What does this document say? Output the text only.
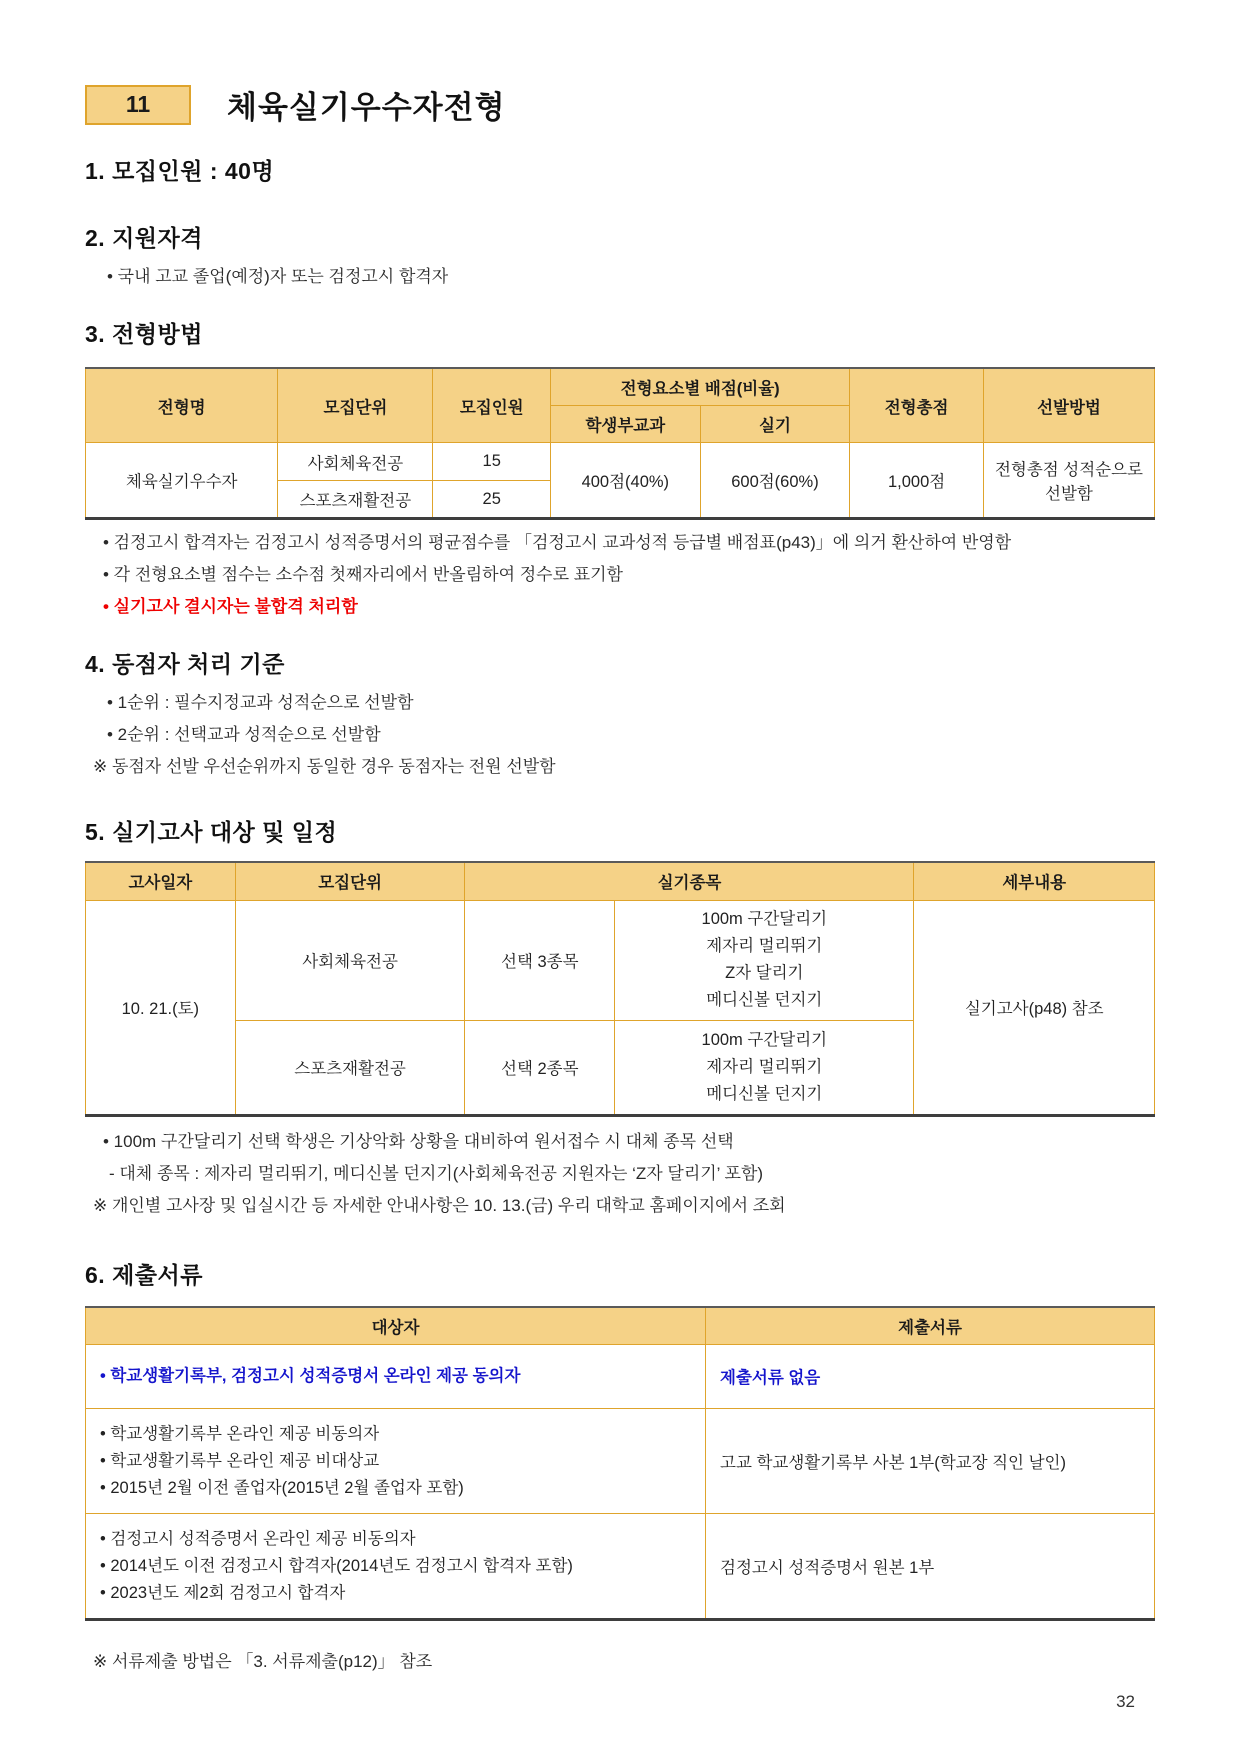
11	체육실기우수자전형
1. 모집인원 : 40명
2. 지원자격
• 국내 고교 졸업(예정)자 또는 검정고시 합격자
3. 전형방법
전형명	모집단위	모집인원	전형요소별 배점(비율)		전형총점	선발방법
			학생부교과	실기		
체육실기우수자	사회체육전공	15	400점(40%)	600점(60%)	1,000점	전형총점 성적순으로 선발함
	스포츠재활전공	25				
• 검정고시 합격자는 검정고시 성적증명서의 평균점수를 「검정고시 교과성적 등급별 배점표(p43)」에 의거 환산하여 반영함
• 각 전형요소별 점수는 소수점 첫째자리에서 반올림하여 정수로 표기함
• 실기고사 결시자는 불합격 처리함
4. 동점자 처리 기준
• 1순위 : 필수지정교과 성적순으로 선발함
• 2순위 : 선택교과 성적순으로 선발함
※ 동점자 선발 우선순위까지 동일한 경우 동점자는 전원 선발함
5. 실기고사 대상 및 일정
고사일자	모집단위	실기종목		세부내용
10. 21.(토)	사회체육전공	선택 3종목	100m 구간달리기
제자리 멀리뛰기
Z자 달리기
메디신볼 던지기	실기고사(p48) 참조
	스포츠재활전공	선택 2종목	100m 구간달리기
제자리 멀리뛰기
메디신볼 던지기	
• 100m 구간달리기 선택 학생은 기상악화 상황을 대비하여 원서접수 시 대체 종목 선택
- 대체 종목 : 제자리 멀리뛰기, 메디신볼 던지기(사회체육전공 지원자는 ‘Z자 달리기’ 포함)
※ 개인별 고사장 및 입실시간 등 자세한 안내사항은 10. 13.(금) 우리 대학교 홈페이지에서 조회
6. 제출서류
대상자	제출서류

• 학교생활기록부, 검정고시 성적증명서 온라인 제공 동의자	제출서류 없음

• 학교생활기록부 온라인 제공 비동의자
• 학교생활기록부 온라인 제공 비대상교
• 2015년 2월 이전 졸업자(2015년 2월 졸업자 포함)	고교 학교생활기록부 사본 1부(학교장 직인 날인)

• 검정고시 성적증명서 온라인 제공 비동의자
• 2014년도 이전 검정고시 합격자(2014년도 검정고시 합격자 포함)
• 2023년도 제2회 검정고시 합격자	검정고시 성적증명서 원본 1부
※ 서류제출 방법은 「3. 서류제출(p12)」 참조
32
